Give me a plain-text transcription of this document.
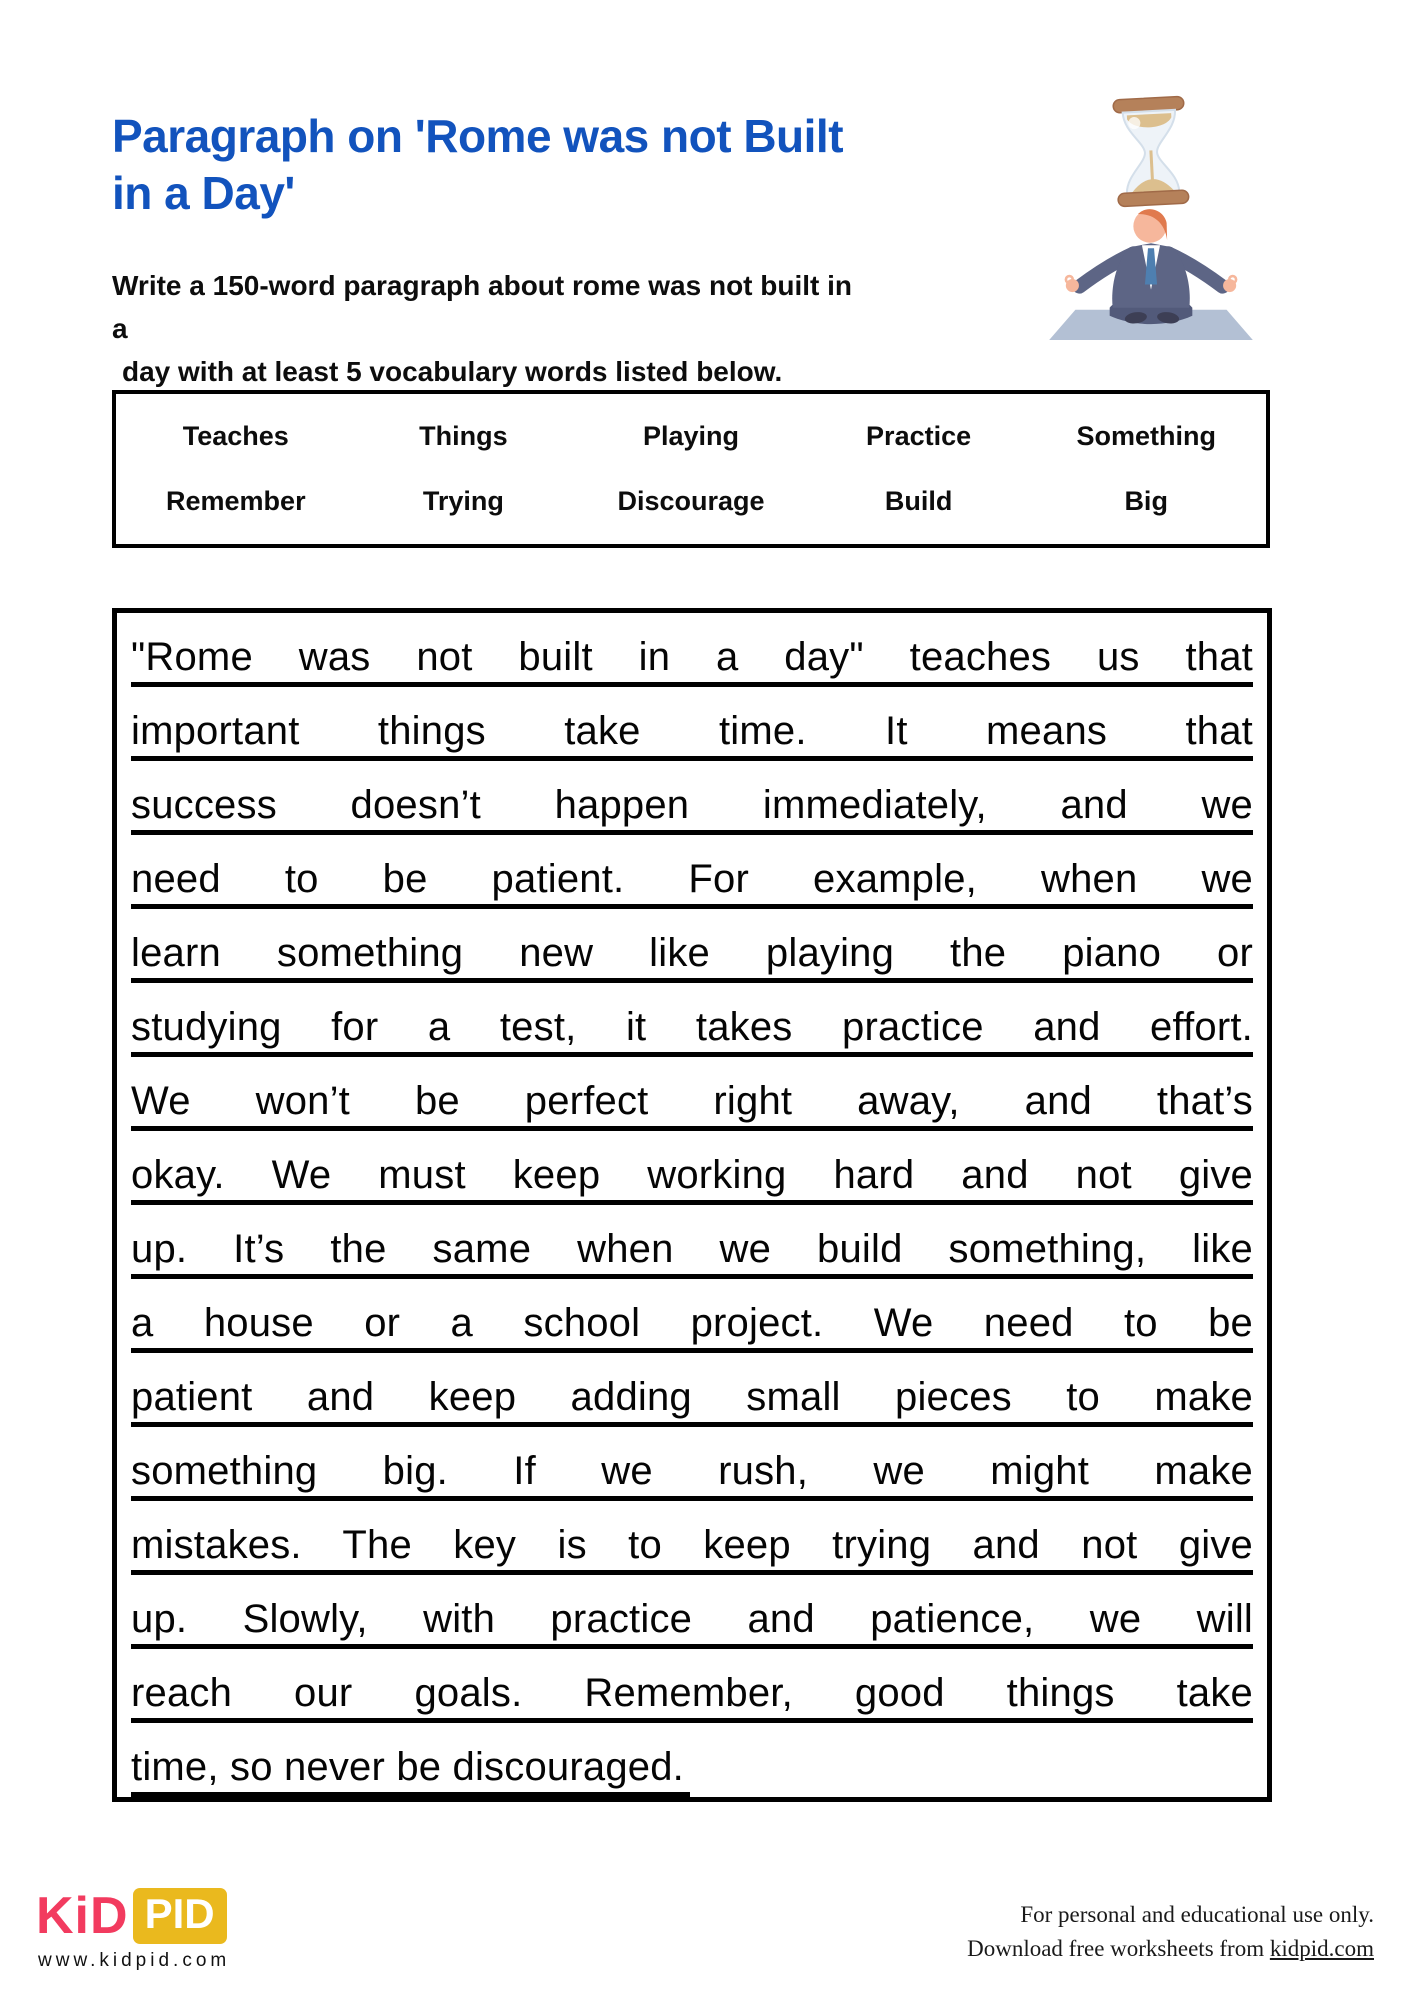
Paragraph on 'Rome was not Built
in a Day'
Write a 150-word paragraph about rome was not built in a
day with at least 5 vocabulary words listed below.
Teaches	Things	Playing	Practice	Something
Remember	Trying	Discourage	Build	Big
"Rome was not built in a day" teaches us that
important things take time. It means that
success doesn’t happen immediately, and we
need to be patient. For example, when we
learn something new like playing the piano or
studying for a test, it takes practice and effort.
We won’t be perfect right away, and that’s
okay. We must keep working hard and not give
up. It’s the same when we build something, like
a house or a school project. We need to be
patient and keep adding small pieces to make
something big. If we rush, we might make
mistakes. The key is to keep trying and not give
up. Slowly, with practice and patience, we will
reach our goals. Remember, good things take
time, so never be discouraged.
KiD PID
www.kidpid.com
For personal and educational use only.
Download free worksheets from kidpid.com
